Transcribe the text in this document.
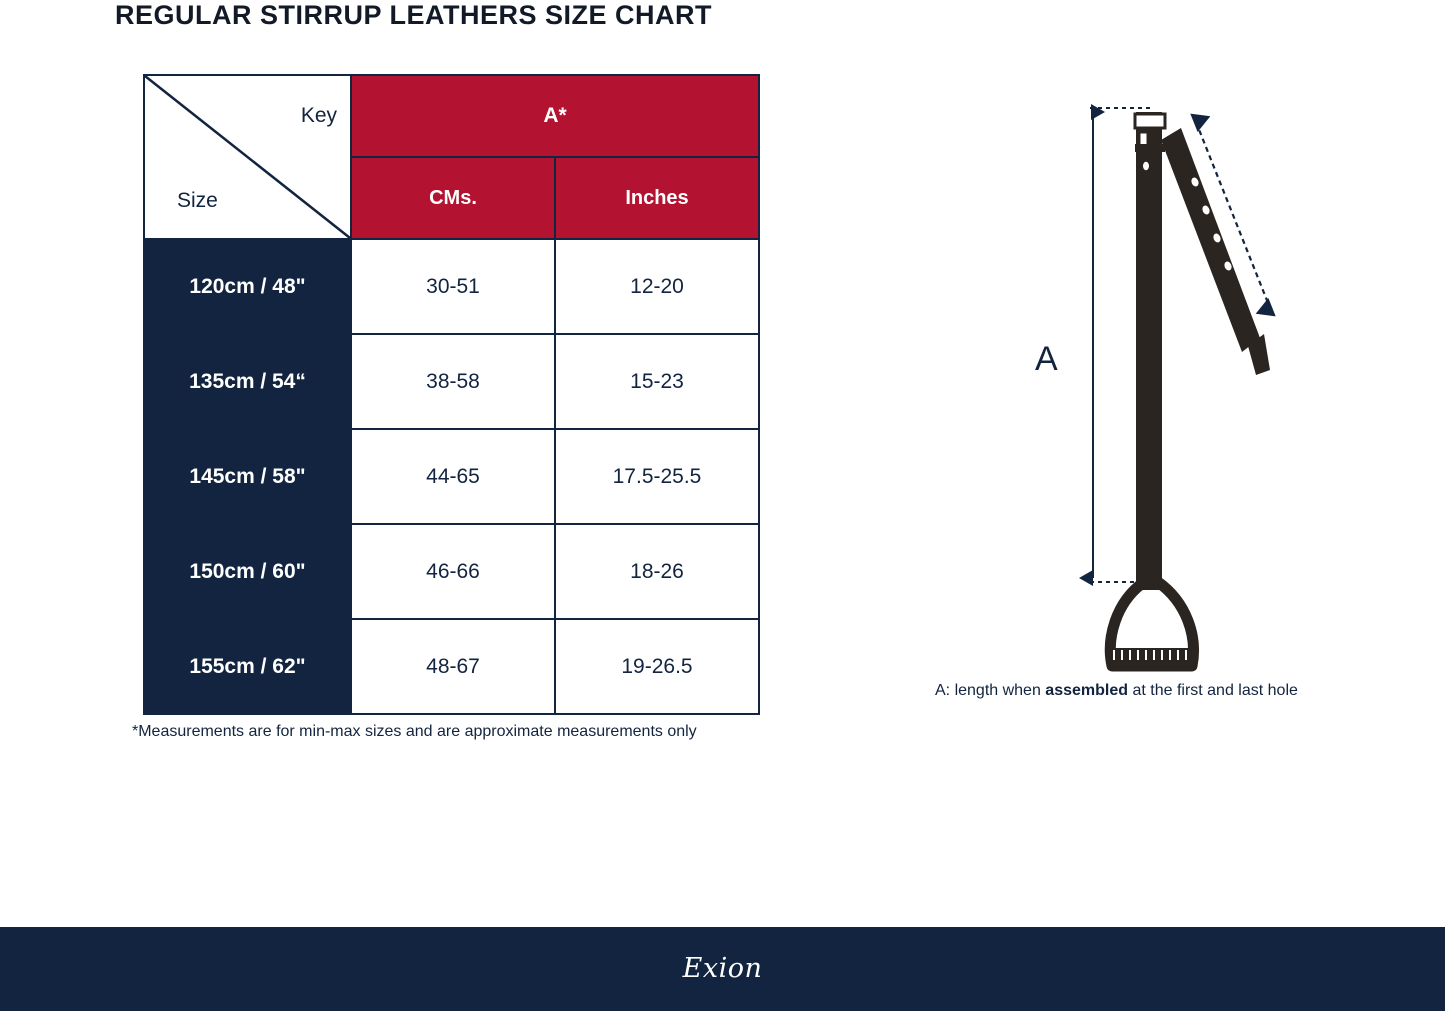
REGULAR STIRRUP LEATHERS SIZE CHART
Key
Size	A*	
	CMs.	Inches
120cm / 48"	30-51	12-20
135cm / 54“	38-58	15-23
145cm / 58"	44-65	17.5-25.5
150cm / 60"	46-66	18-26
155cm / 62"	48-67	19-26.5
*Measurements are for min-max sizes and are approximate measurements only
A
A: length when assembled at the first and last hole
Exion
